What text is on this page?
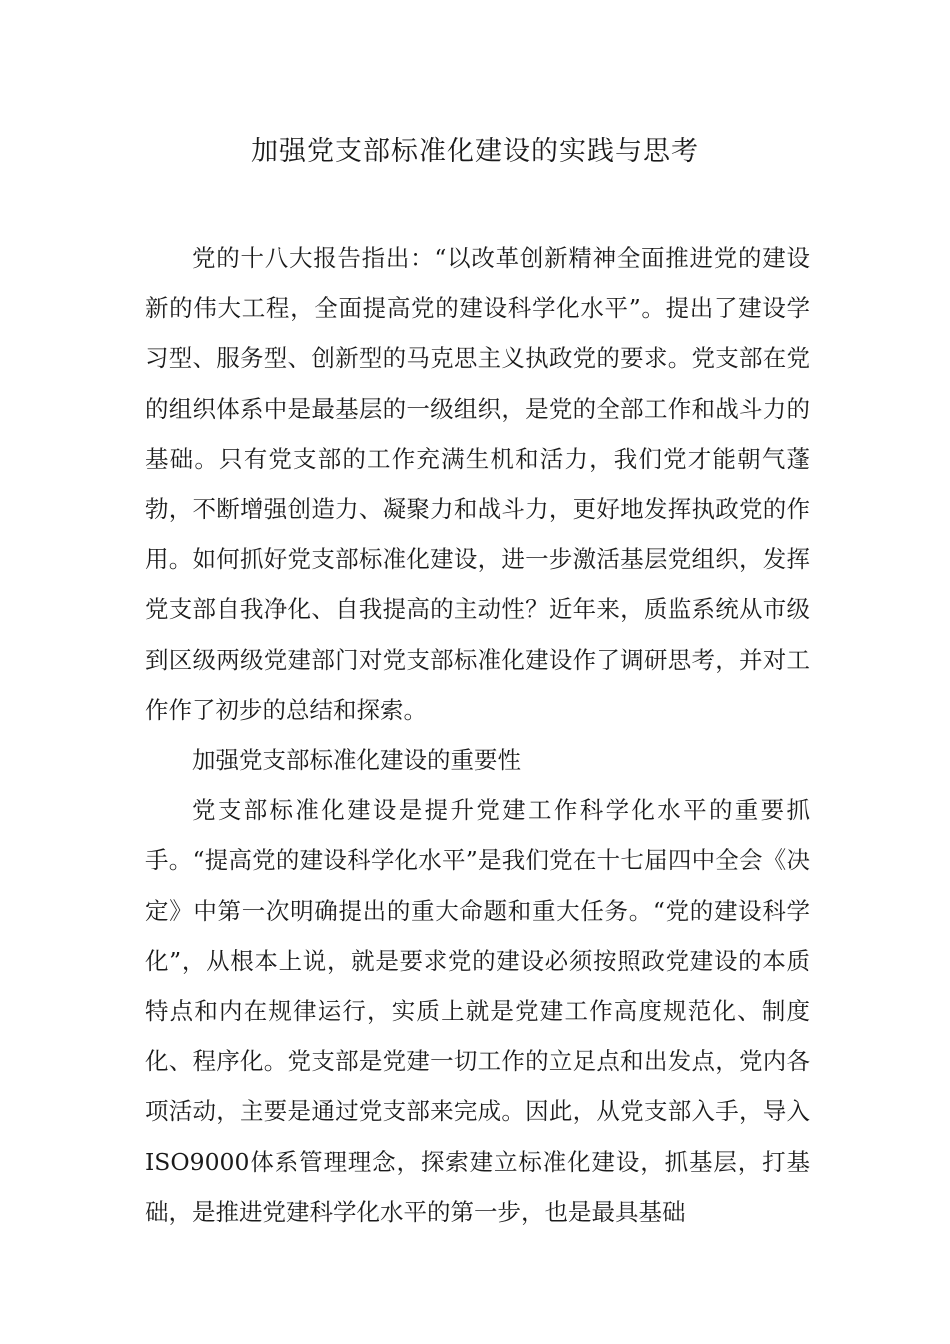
加强党支部标准化建设的实践与思考

党的十八大报告指出：“以改革创新精神全面推进党的建设新的伟大工程，全面提高党的建设科学化水平”。提出了建设学习型、服务型、创新型的马克思主义执政党的要求。党支部在党的组织体系中是最基层的一级组织，是党的全部工作和战斗力的基础。只有党支部的工作充满生机和活力，我们党才能朝气蓬勃，不断增强创造力、凝聚力和战斗力，更好地发挥执政党的作用。如何抓好党支部标准化建设，进一步激活基层党组织，发挥党支部自我净化、自我提高的主动性？近年来，质监系统从市级到区级两级党建部门对党支部标准化建设作了调研思考，并对工作作了初步的总结和探索。

加强党支部标准化建设的重要性

党支部标准化建设是提升党建工作科学化水平的重要抓手。“提高党的建设科学化水平”是我们党在十七届四中全会《决定》中第一次明确提出的重大命题和重大任务。“党的建设科学化”，从根本上说，就是要求党的建设必须按照政党建设的本质特点和内在规律运行，实质上就是党建工作高度规范化、制度化、程序化。党支部是党建一切工作的立足点和出发点，党内各项活动，主要是通过党支部来完成。因此，从党支部入手，导入ISO9000体系管理理念，探索建立标准化建设，抓基层，打基础，是推进党建科学化水平的第一步，也是最具基础
